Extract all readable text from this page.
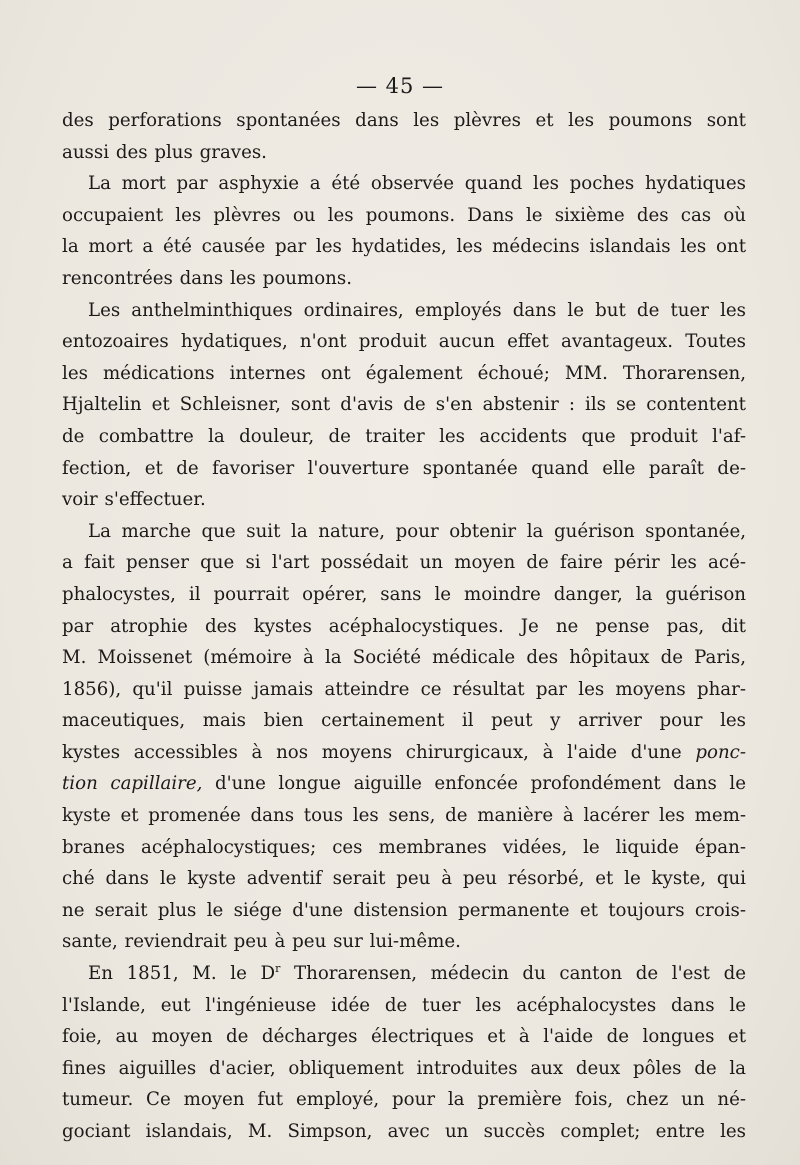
— 45 —
des perforations spontanées dans les plèvres et les poumons sont
aussi des plus graves.
La mort par asphyxie a été observée quand les poches hydatiques
occupaient les plèvres ou les poumons. Dans le sixième des cas où
la mort a été causée par les hydatides, les médecins islandais les ont
rencontrées dans les poumons.
Les anthelminthiques ordinaires, employés dans le but de tuer les
entozoaires hydatiques, n'ont produit aucun effet avantageux. Toutes
les médications internes ont également échoué; MM. Thorarensen,
Hjaltelin et Schleisner, sont d'avis de s'en abstenir : ils se contentent
de combattre la douleur, de traiter les accidents que produit l'af-
fection, et de favoriser l'ouverture spontanée quand elle paraît de-
voir s'effectuer.
La marche que suit la nature, pour obtenir la guérison spontanée,
a fait penser que si l'art possédait un moyen de faire périr les acé-
phalocystes, il pourrait opérer, sans le moindre danger, la guérison
par atrophie des kystes acéphalocystiques. Je ne pense pas, dit
M. Moissenet (mémoire à la Société médicale des hôpitaux de Paris,
1856), qu'il puisse jamais atteindre ce résultat par les moyens phar-
maceutiques, mais bien certainement il peut y arriver pour les
kystes accessibles à nos moyens chirurgicaux, à l'aide d'une ponc-
tion capillaire, d'une longue aiguille enfoncée profondément dans le
kyste et promenée dans tous les sens, de manière à lacérer les mem-
branes acéphalocystiques; ces membranes vidées, le liquide épan-
ché dans le kyste adventif serait peu à peu résorbé, et le kyste, qui
ne serait plus le siége d'une distension permanente et toujours crois-
sante, reviendrait peu à peu sur lui-même.
En 1851, M. le $D^r$ Thorarensen, médecin du canton de l'est de
l'Islande, eut l'ingénieuse idée de tuer les acéphalocystes dans le
foie, au moyen de décharges électriques et à l'aide de longues et
fines aiguilles d'acier, obliquement introduites aux deux pôles de la
tumeur. Ce moyen fut employé, pour la première fois, chez un né-
gociant islandais, M. Simpson, avec un succès complet; entre les
